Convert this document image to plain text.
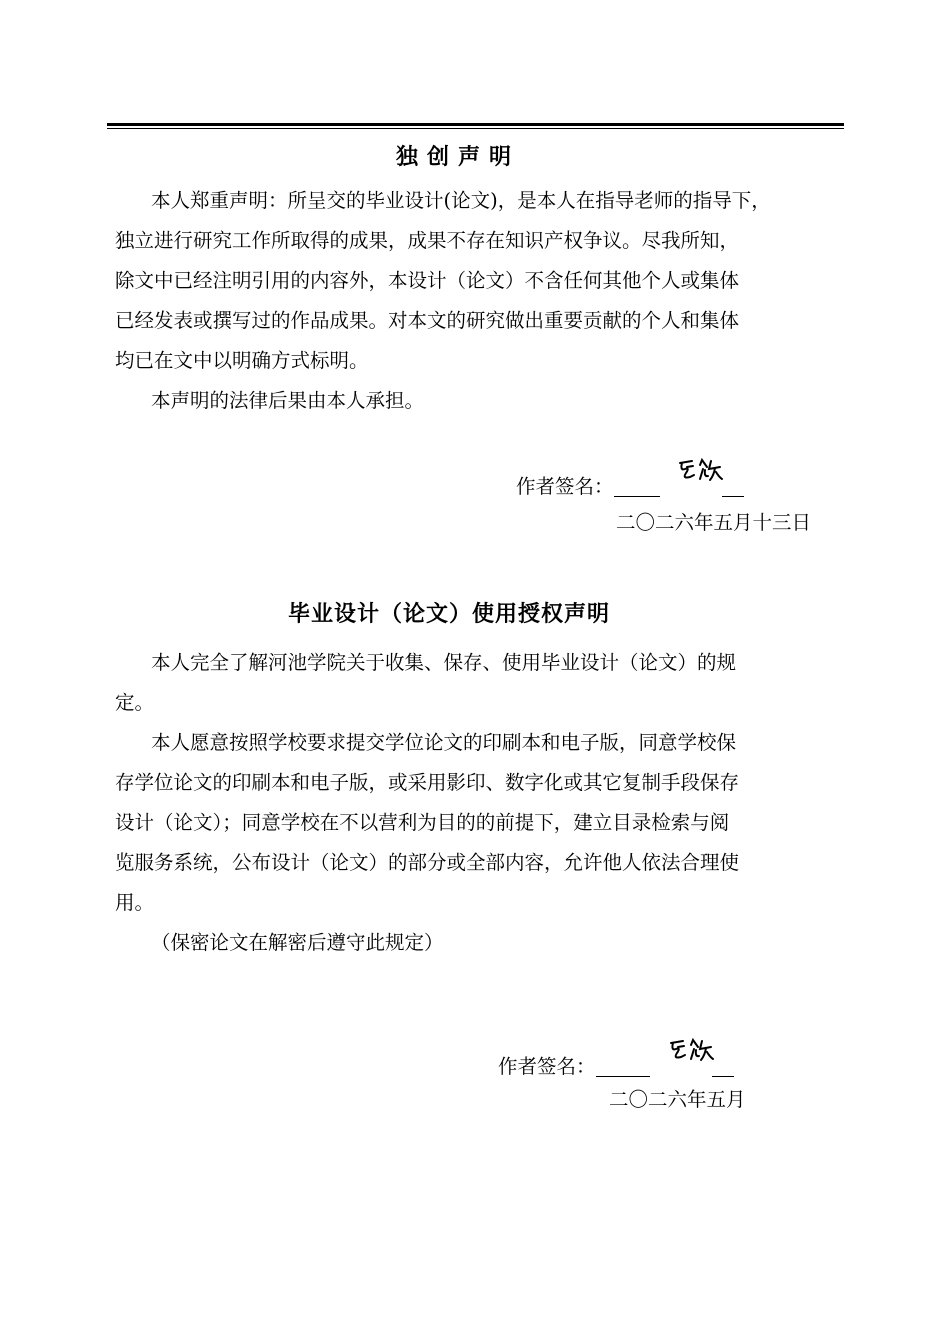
独创声明
本人郑重声明：所呈交的毕业设计(论文)，是本人在指导老师的指导下，
独立进行研究工作所取得的成果，成果不存在知识产权争议。尽我所知，
除文中已经注明引用的内容外，本设计（论文）不含任何其他个人或集体
已经发表或撰写过的作品成果。对本文的研究做出重要贡献的个人和集体
均已在文中以明确方式标明。
本声明的法律后果由本人承担。
作者签名：
二〇二六年五月十三日
毕业设计（论文）使用授权声明
本人完全了解河池学院关于收集、保存、使用毕业设计（论文）的规
定。
本人愿意按照学校要求提交学位论文的印刷本和电子版，同意学校保
存学位论文的印刷本和电子版，或采用影印、数字化或其它复制手段保存
设计（论文）；同意学校在不以营利为目的的前提下，建立目录检索与阅
览服务系统，公布设计（论文）的部分或全部内容，允许他人依法合理使
用。
（保密论文在解密后遵守此规定）
作者签名：
二〇二六年五月
